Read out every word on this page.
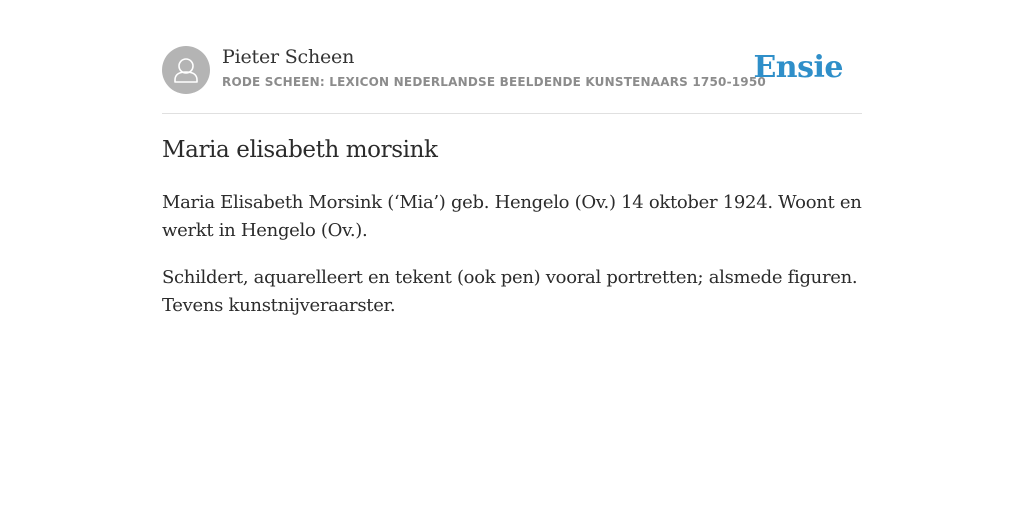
Pieter Scheen
RODE SCHEEN: LEXICON NEDERLANDSE BEELDENDE KUNSTENAARS 1750-1950
Ensie
Maria elisabeth morsink

Maria Elisabeth Morsink (‘Mia’) geb. Hengelo (Ov.) 14 oktober 1924. Woont en werkt in Hengelo (Ov.).

Schildert, aquarelleert en tekent (ook pen) vooral portretten; alsmede figuren. Tevens kunstnijveraarster.
